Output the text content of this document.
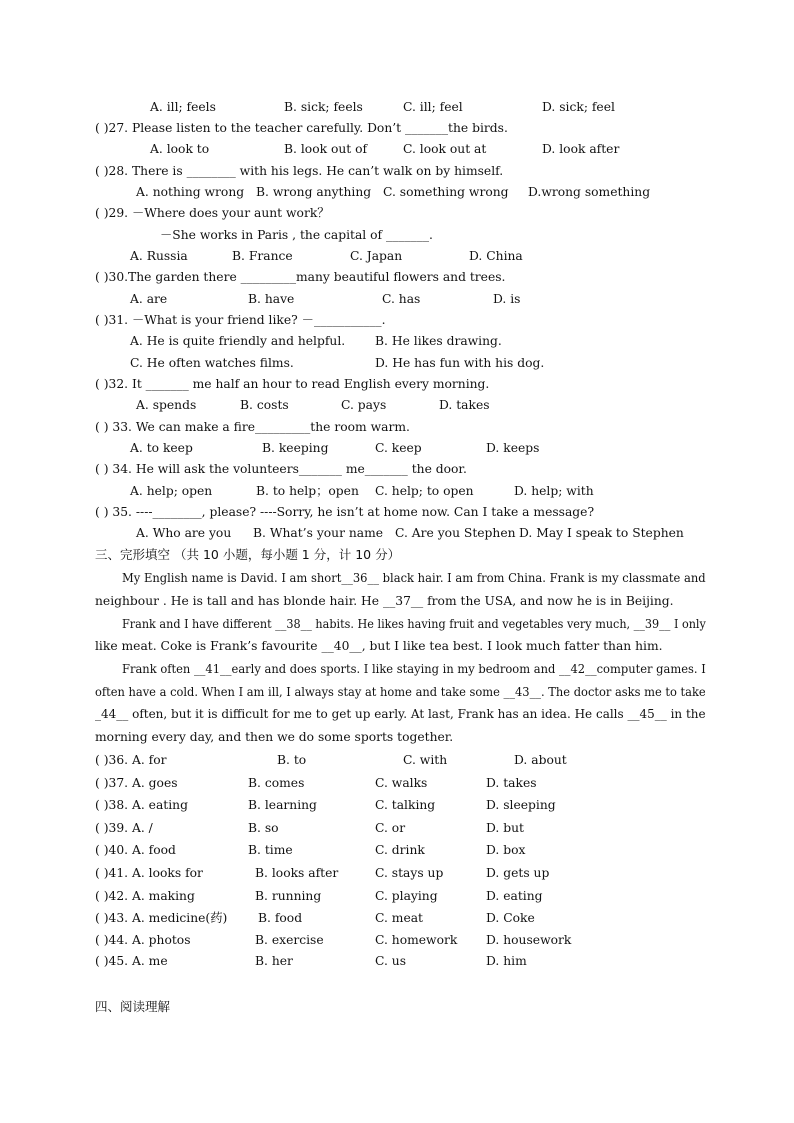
A. ill; feels	B. sick; feels	C. ill; feel	D. sick; feel
( )27. Please listen to the teacher carefully. Don’t _______the birds.
A. look to	B. look out of	C. look out at	D. look after
( )28. There is ________ with his legs. He can’t walk on by himself.
A. nothing wrong B. wrong anything C. something wrong D.wrong something
( )29. －Where does your aunt work？
－She works in Paris , the capital of _______.
A. Russia	B. France	C. Japan	D. China
( )30.The garden there _________many beautiful flowers and trees.
A. are	B. have	C. has	D. is
( )31. －What is your friend like? －___________.
A. He is quite friendly and helpful. B. He likes drawing.
C. He often watches films.	D. He has fun with his dog.
( )32. It _______ me half an hour to read English every morning.
A. spends	B. costs	C. pays	D. takes
( ) 33. We can make a fire_________the room warm.
A. to keep	B. keeping	C. keep	D. keeps
( ) 34. He will ask the volunteers_______ me_______ the door.
A. help; open	B. to help；open C. help; to open	D. help; with
( ) 35. ----________, please? ----Sorry, he isn’t at home now. Can I take a message?
A. Who are you B. What’s your name C. Are you Stephen D. May I speak to Stephen
三、完形填空 （共 10 小题，每小题 1 分，计 10 分）
My English name is David. I am short__36__ black hair. I am from China. Frank is my classmate and
neighbour . He is tall and has blonde hair. He __37__ from the USA, and now he is in Beijing.
Frank and I have different __38__ habits. He likes having fruit and vegetables very much, __39__ I only
like meat. Coke is Frank’s favourite __40__, but I like tea best. I look much fatter than him.
Frank often __41__early and does sports. I like staying in my bedroom and __42__computer games. I
often have a cold. When I am ill, I always stay at home and take some __43__. The doctor asks me to take
_44__ often, but it is difficult for me to get up early. At last, Frank has an idea. He calls __45__ in the
morning every day, and then we do some sports together.
( )36. A. for	B. to	C. with	D. about
( )37. A. goes	B. comes	C. walks	D. takes
( )38. A. eating	B. learning	C. talking	D. sleeping
( )39. A. /	B. so	C. or	D. but
( )40. A. food	B. time	C. drink	D. box
( )41. A. looks for	B. looks after	C. stays up	D. gets up
( )42. A. making	B. running	C. playing	D. eating
( )43. A. medicine(药) B. food	C. meat	D. Coke
( )44. A. photos	B. exercise	C. homework D. housework
( )45. A. me	B. her	C. us	D. him
四、阅读理解
